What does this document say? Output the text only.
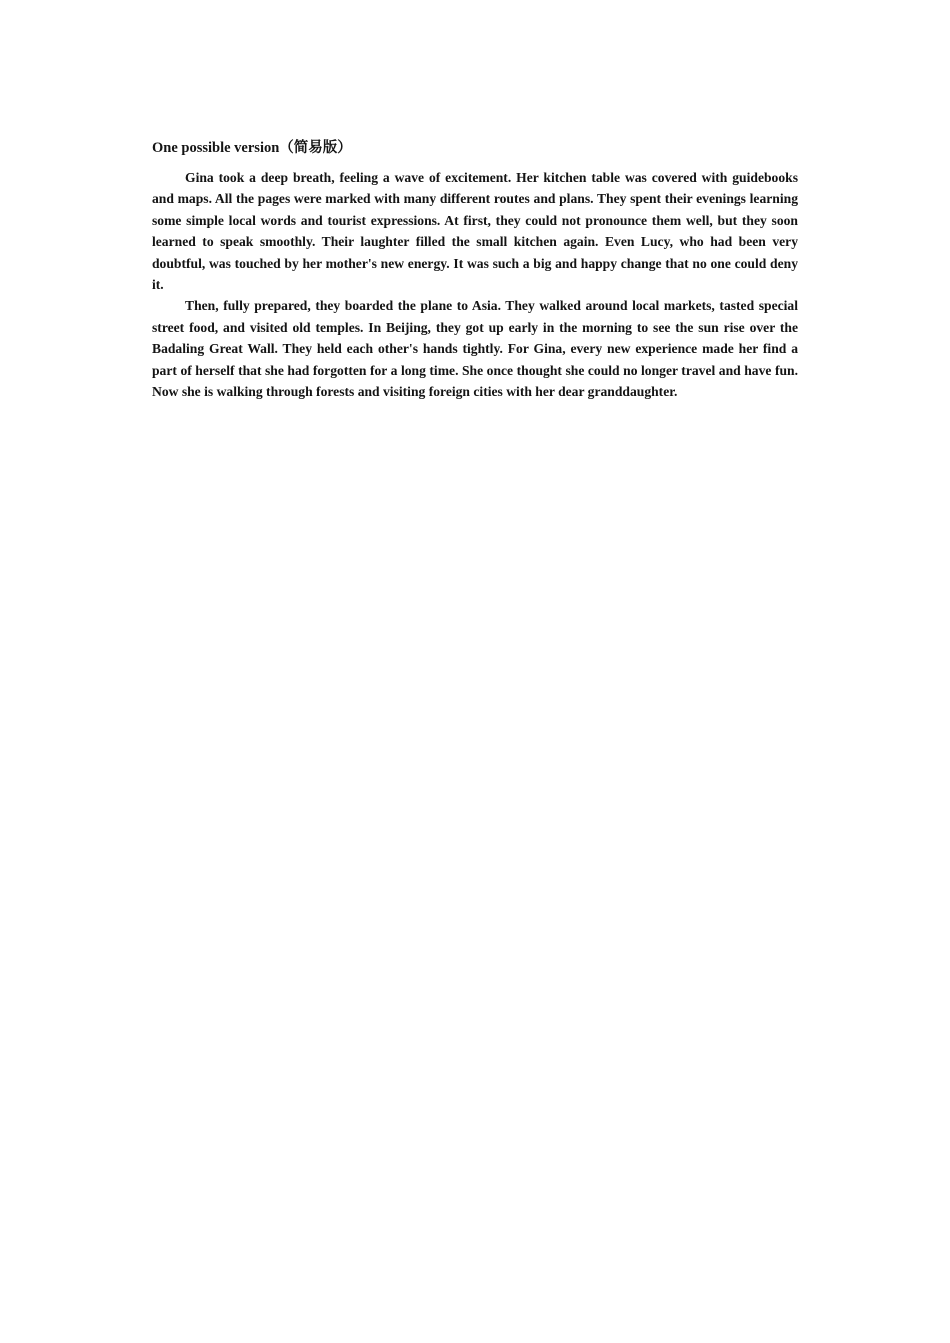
One possible version（简易版）

Gina took a deep breath, feeling a wave of excitement. Her kitchen table was covered with guidebooks and maps. All the pages were marked with many different routes and plans. They spent their evenings learning some simple local words and tourist expressions. At first, they could not pronounce them well, but they soon learned to speak smoothly. Their laughter filled the small kitchen again. Even Lucy, who had been very doubtful, was touched by her mother's new energy. It was such a big and happy change that no one could deny it.

Then, fully prepared, they boarded the plane to Asia. They walked around local markets, tasted special street food, and visited old temples. In Beijing, they got up early in the morning to see the sun rise over the Badaling Great Wall. They held each other's hands tightly. For Gina, every new experience made her find a part of herself that she had forgotten for a long time. She once thought she could no longer travel and have fun. Now she is walking through forests and visiting foreign cities with her dear granddaughter.
